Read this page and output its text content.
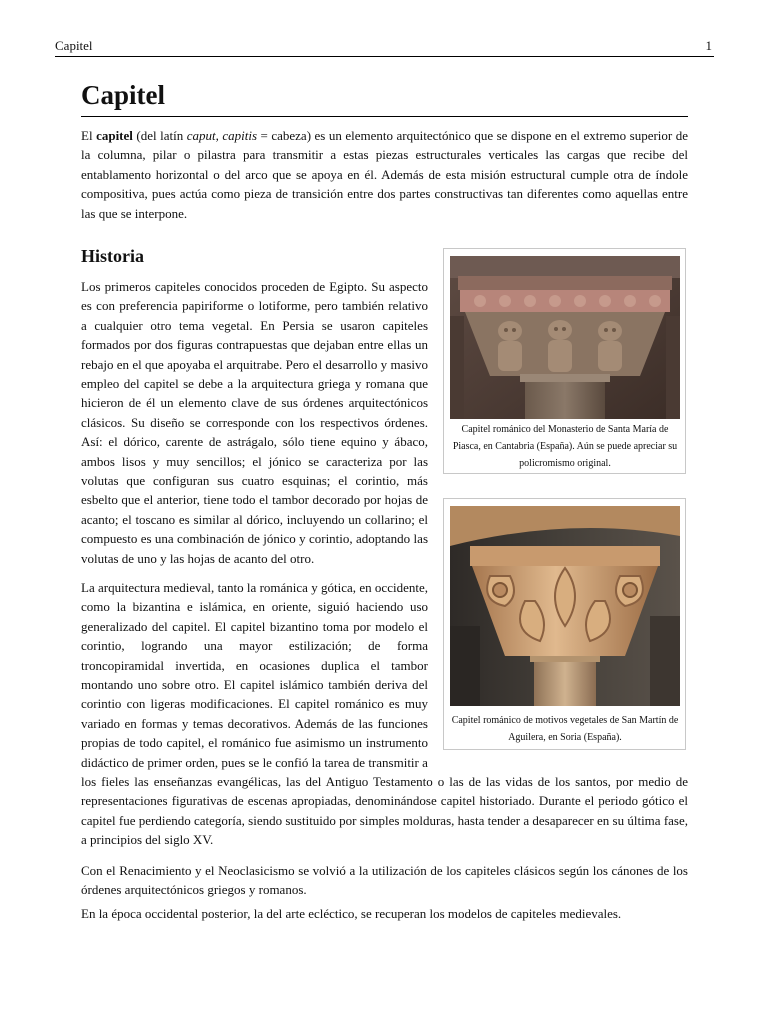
Capitel	1
Capitel

El capitel (del latín caput, capitis = cabeza) es un elemento arquitectónico que se dispone en el extremo superior de la columna, pilar o pilastra para transmitir a estas piezas estructurales verticales las cargas que recibe del entablamento horizontal o del arco que se apoya en él. Además de esta misión estructural cumple otra de índole compositiva, pues actúa como pieza de transición entre dos partes constructivas tan diferentes como aquellas entre las que se interpone.

Historia

Los primeros capiteles conocidos proceden de Egipto. Su aspecto es con preferencia papiriforme o lotiforme, pero también relativo a cualquier otro tema vegetal. En Persia se usaron capiteles formados por dos figuras contrapuestas que dejaban entre ellas un rebajo en el que apoyaba el arquitrabe. Pero el desarrollo y masivo empleo del capitel se debe a la arquitectura griega y romana que hicieron de él un elemento clave de sus órdenes arquitectónicos clásicos. Su diseño se corresponde con los respectivos órdenes. Así: el dórico, carente de astrágalo, sólo tiene equino y ábaco, ambos lisos y muy sencillos; el jónico se caracteriza por las volutas que configuran sus cuatro esquinas; el corintio, más esbelto que el anterior, tiene todo el tambor decorado por hojas de acanto; el toscano es similar al dórico, incluyendo un collarino; el compuesto es una combinación de jónico y corintio, adoptando las volutas de uno y las hojas de acanto del otro.

La arquitectura medieval, tanto la románica y gótica, en occidente, como la bizantina e islámica, en oriente, siguió haciendo uso generalizado del capitel. El capitel bizantino toma por modelo el corintio, logrando una mayor estilización; de forma troncopiramidal invertida, en ocasiones duplica el tambor montando uno sobre otro. El capitel islámico también deriva del corintio con ligeras modificaciones. El capitel románico es muy variado en formas y temas decorativos. Además de las funciones propias de todo capitel, el románico fue asimismo un instrumento didáctico de primer orden, pues se le confió la tarea de transmitir a

los fieles las enseñanzas evangélicas, las del Antiguo Testamento o las de las vidas de los santos, por medio de representaciones figurativas de escenas apropiadas, denominándose capitel historiado. Durante el periodo gótico el capitel fue perdiendo categoría, siendo sustituido por simples molduras, hasta tender a desaparecer en su última fase, a principios del siglo XV.

Con el Renacimiento y el Neoclasicismo se volvió a la utilización de los capiteles clásicos según los cánones de los órdenes arquitectónicos griegos y romanos.

En la época occidental posterior, la del arte ecléctico, se recuperan los modelos de capiteles medievales.

Capitel románico del Monasterio de Santa María de Piasca, en Cantabria (España). Aún se puede apreciar su policromismo original.

Capitel románico de motivos vegetales de San Martín de Aguilera, en Soria (España).
